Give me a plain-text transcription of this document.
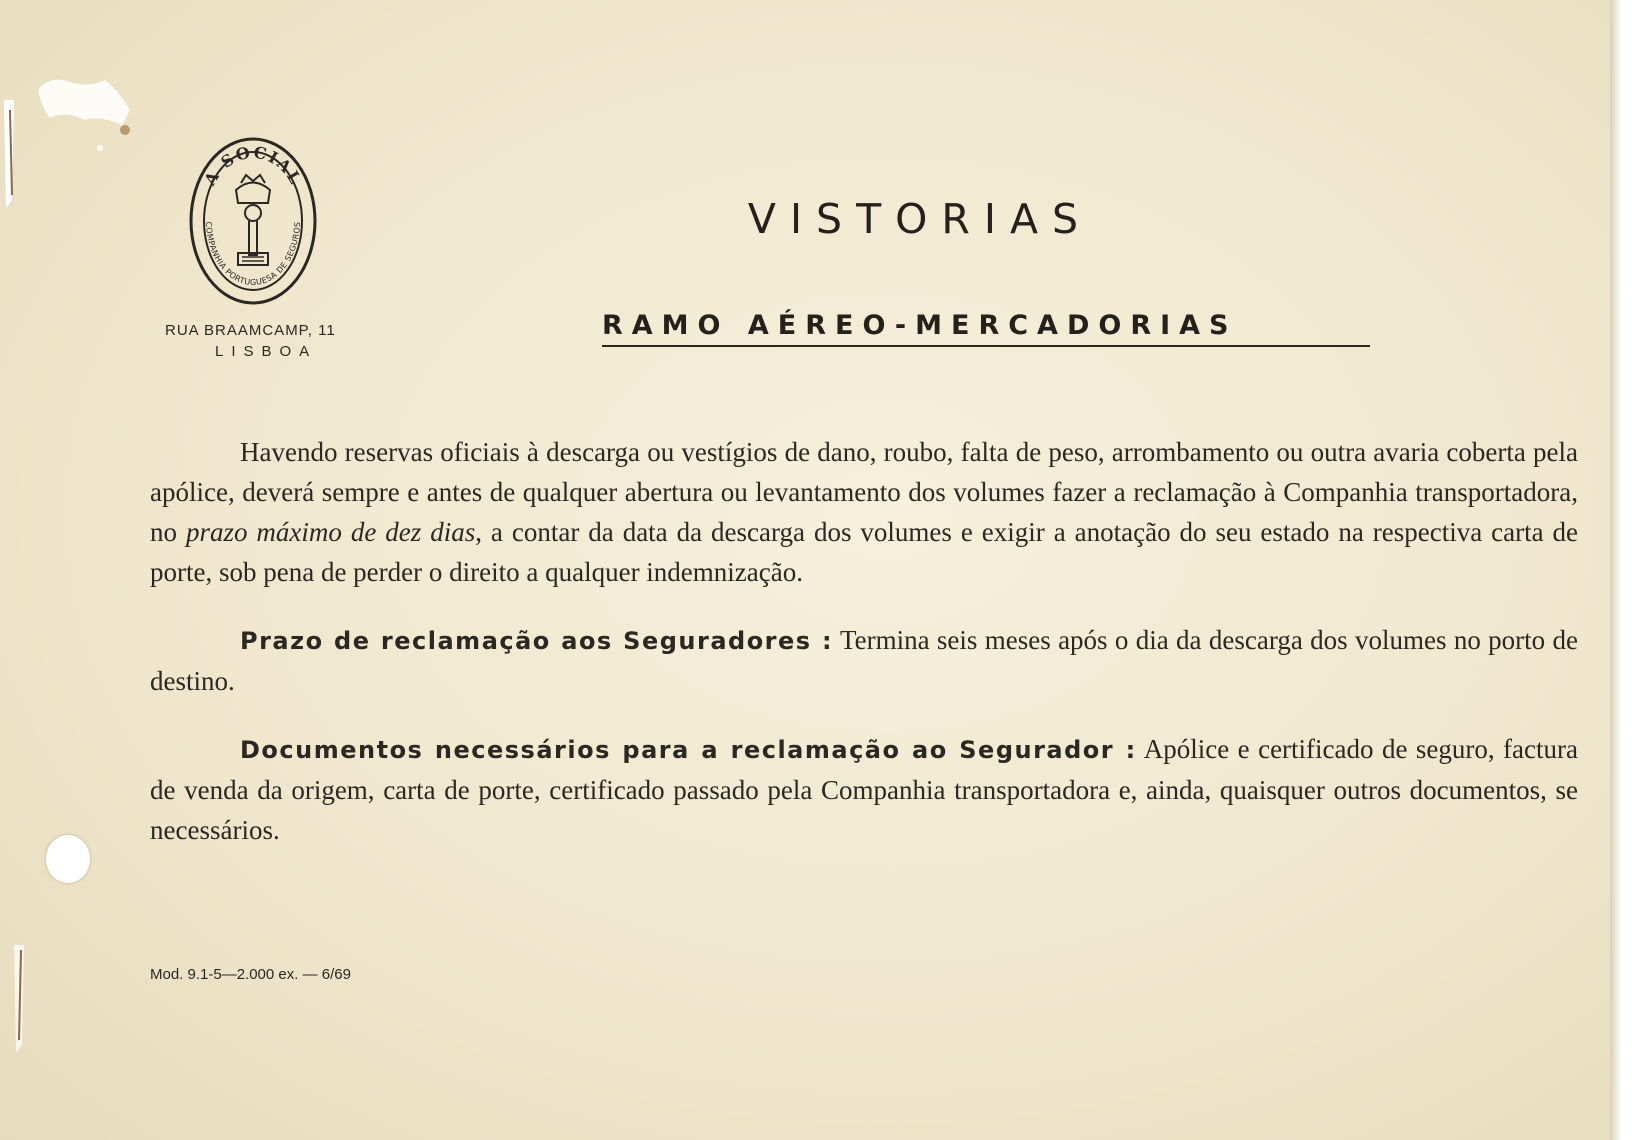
A SOCIAL
COMPANHIA PORTUGUESA DE SEGUROS
RUA BRAAMCAMP, 11
LISBOA
VISTORIAS
RAMO AÉREO-MERCADORIAS

Havendo reservas oficiais à descarga ou vestígios de dano, roubo, falta de peso, arrombamento ou outra avaria coberta pela apólice, deverá sempre e antes de qualquer abertura ou levantamento dos volumes fazer a reclamação à Companhia transportadora, no prazo máximo de dez dias, a contar da data da descarga dos volumes e exigir a anotação do seu estado na respectiva carta de porte, sob pena de perder o direito a qualquer indemnização.

Prazo de reclamação aos Seguradores : Termina seis meses após o dia da descarga dos volumes no porto de destino.

Documentos necessários para a reclamação ao Segurador : Apólice e certificado de seguro, factura de venda da origem, carta de porte, certificado passado pela Companhia transportadora e, ainda, quaisquer outros documentos, se necessários.

Mod. 9.1-5—2.000 ex. — 6/69
